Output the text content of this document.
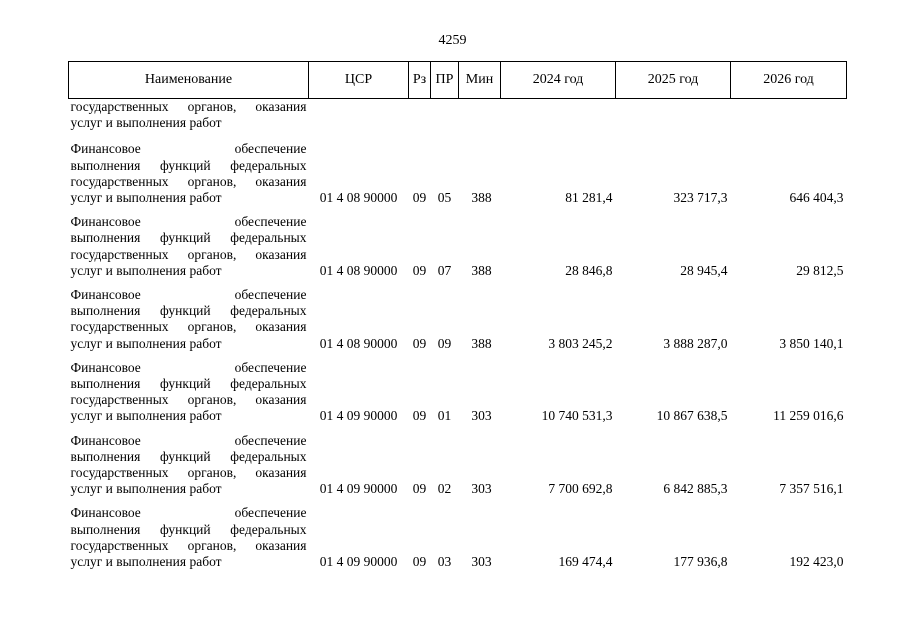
4259
Наименование	ЦСР	Рз	ПР	Мин	2024 год	2025 год	2026 год

государственных органов, оказания
услуг и выполнения работ							

Финансовое обеспечение
выполнения функций федеральных
государственных органов, оказания
услуг и выполнения работ	01 4 08 90000	09	05	388	81 281,4	323 717,3	646 404,3

Финансовое обеспечение
выполнения функций федеральных
государственных органов, оказания
услуг и выполнения работ	01 4 08 90000	09	07	388	28 846,8	28 945,4	29 812,5

Финансовое обеспечение
выполнения функций федеральных
государственных органов, оказания
услуг и выполнения работ	01 4 08 90000	09	09	388	3 803 245,2	3 888 287,0	3 850 140,1

Финансовое обеспечение
выполнения функций федеральных
государственных органов, оказания
услуг и выполнения работ	01 4 09 90000	09	01	303	10 740 531,3	10 867 638,5	11 259 016,6

Финансовое обеспечение
выполнения функций федеральных
государственных органов, оказания
услуг и выполнения работ	01 4 09 90000	09	02	303	7 700 692,8	6 842 885,3	7 357 516,1

Финансовое обеспечение
выполнения функций федеральных
государственных органов, оказания
услуг и выполнения работ	01 4 09 90000	09	03	303	169 474,4	177 936,8	192 423,0
